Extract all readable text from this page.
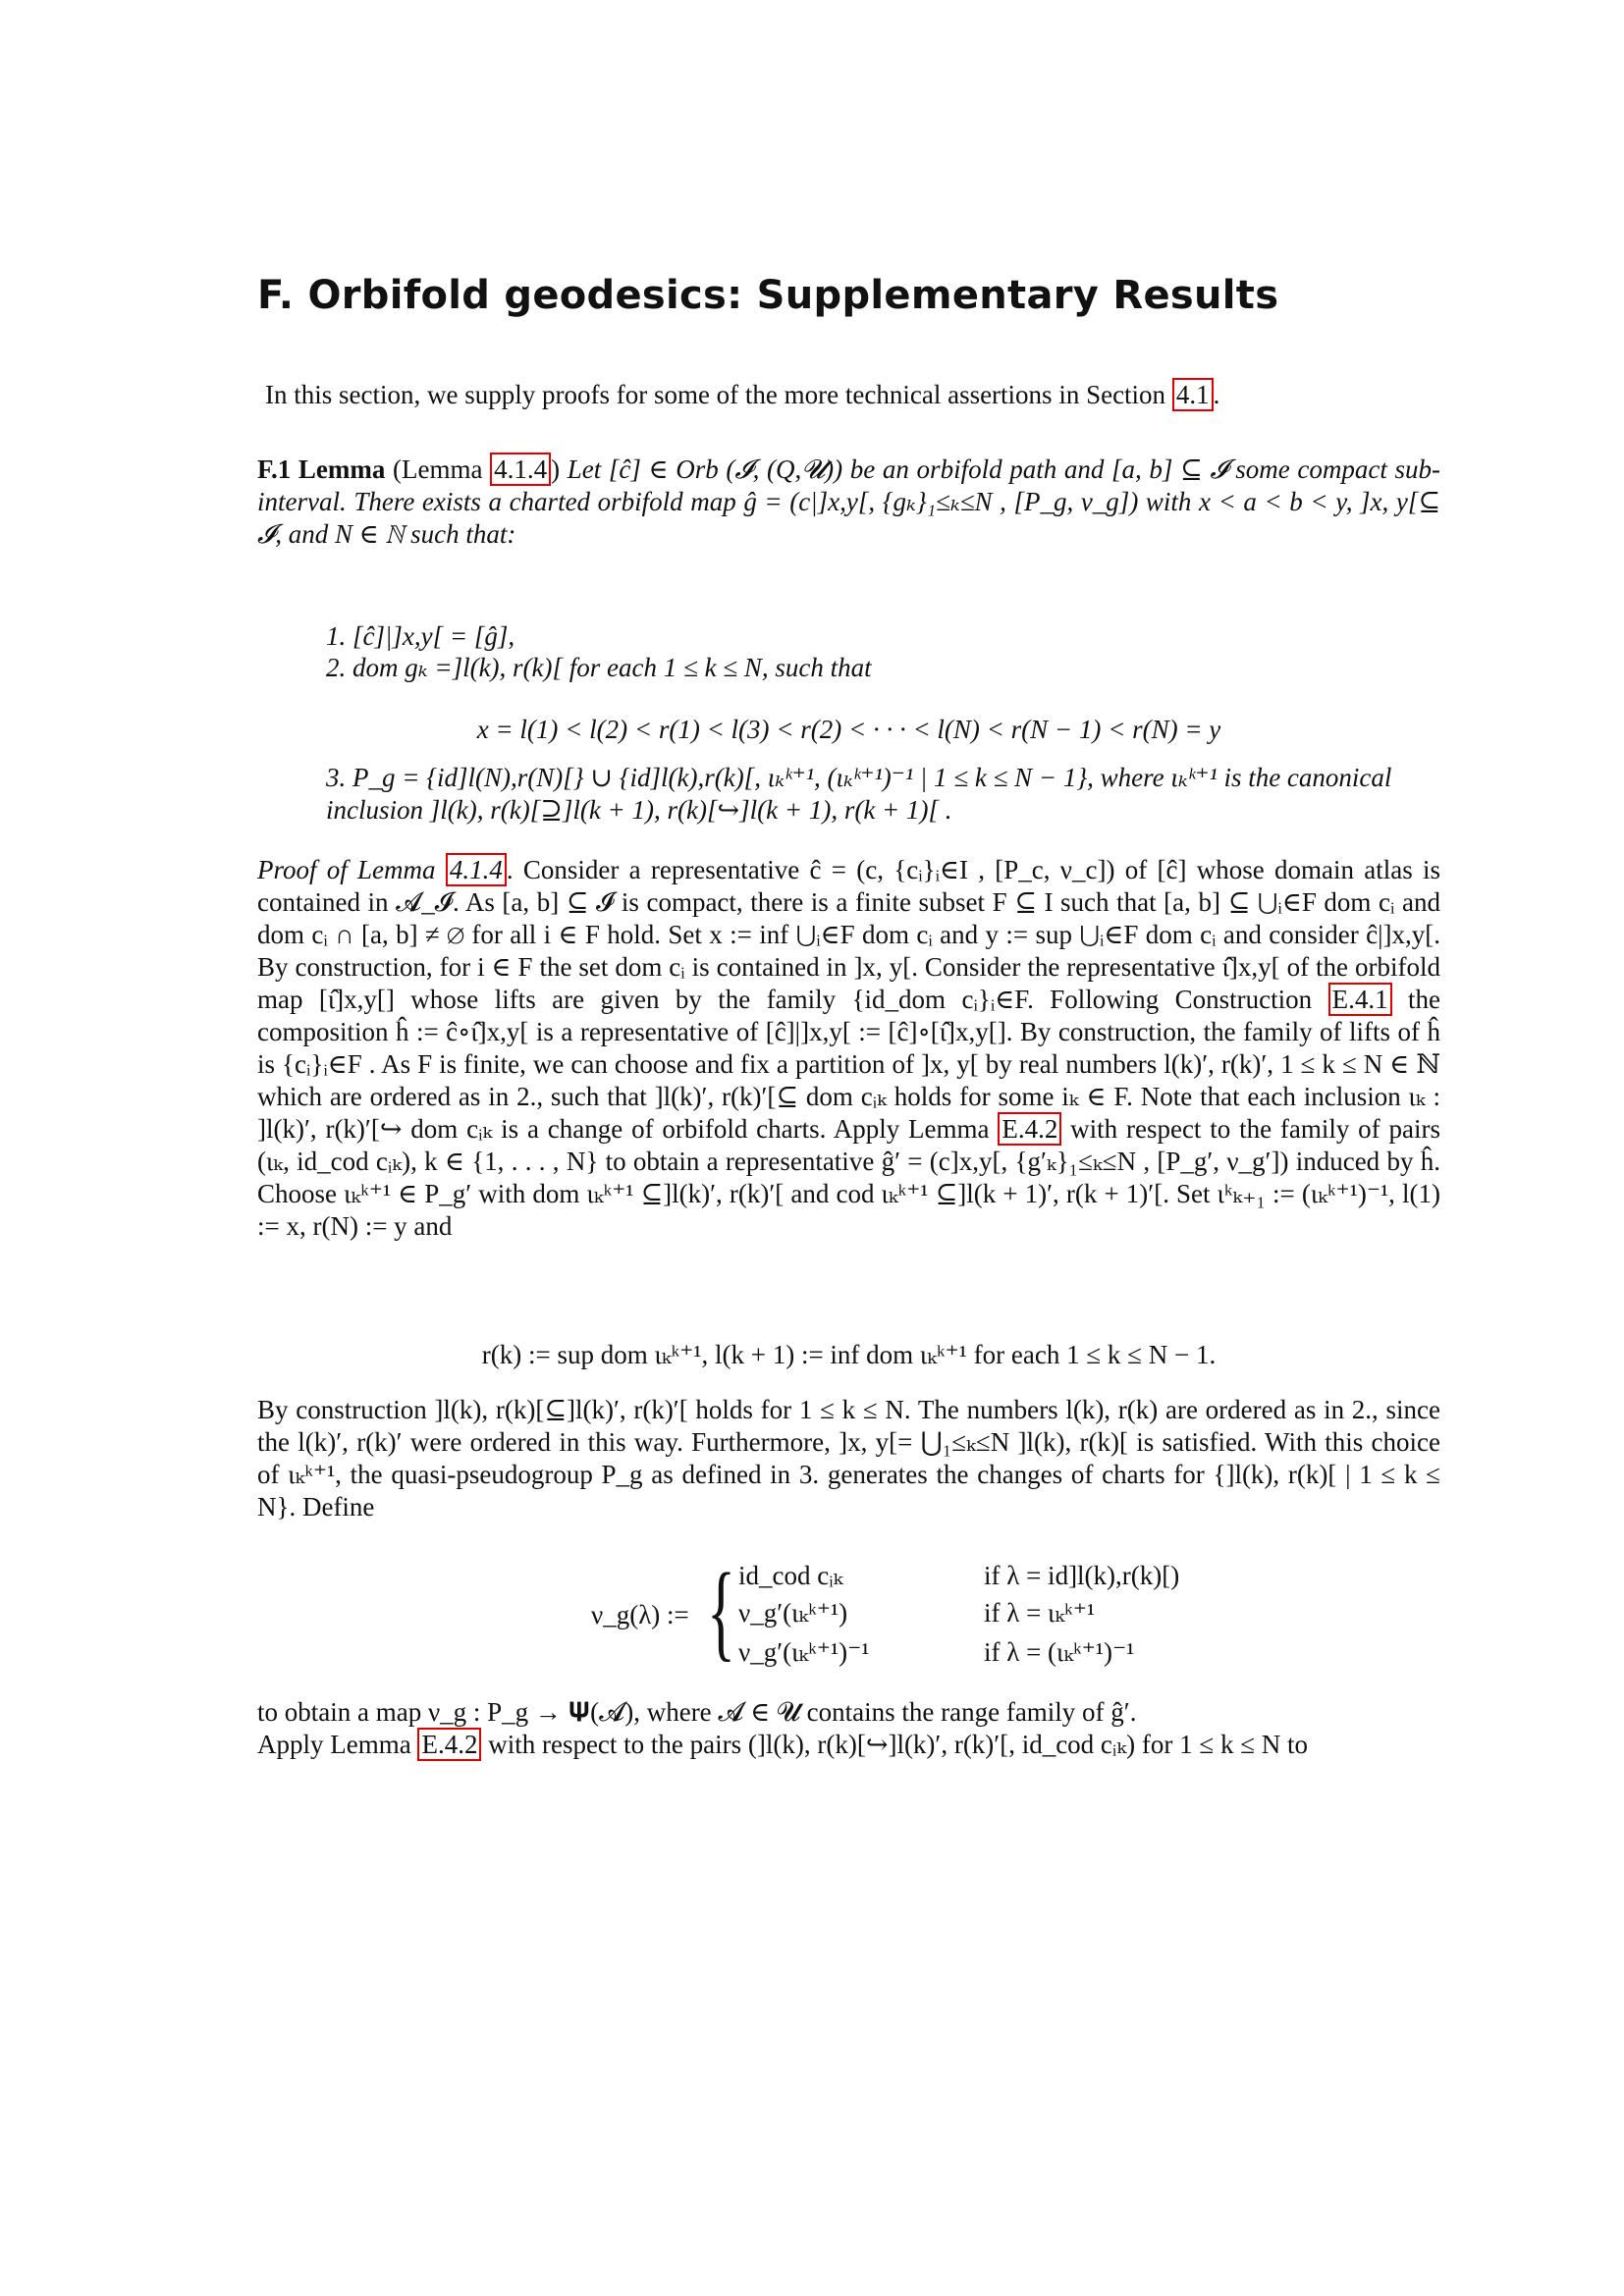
F. Orbifold geodesics: Supplementary Results
In this section, we supply proofs for some of the more technical assertions in Section 4.1 .
F.1 Lemma (Lemma 4.1.4 ) Let [ĉ] ∈ Orb (𝓘, (Q,𝓤)) be an orbifold path and [a, b] ⊆ 𝓘 some compact sub-interval. There exists a charted orbifold map ĝ = (c|]x,y[, {gₖ}₁≤ₖ≤N , [P_g, ν_g]) with x < a < b < y, ]x, y[⊆ 𝓘, and N ∈ ℕ such that:
1. [ĉ]|]x,y[ = [ĝ],
2. dom gₖ =]l(k), r(k)[ for each 1 ≤ k ≤ N, such that
x = l(1) < l(2) < r(1) < l(3) < r(2) < · · · < l(N) < r(N − 1) < r(N) = y
3. P_g = {id]l(N),r(N)[} ∪ {id]l(k),r(k)[, ιₖᵏ⁺¹, (ιₖᵏ⁺¹)⁻¹ | 1 ≤ k ≤ N − 1}, where ιₖᵏ⁺¹ is the canonical inclusion ]l(k), r(k)[⊇]l(k + 1), r(k)[↪]l(k + 1), r(k + 1)[ .
Proof of Lemma 4.1.4 . Consider a representative ĉ = (c, {cᵢ}ᵢ∈I , [P_c, ν_c]) of [ĉ] whose domain atlas is contained in 𝓐_𝓘. As [a, b] ⊆ 𝓘 is compact, there is a finite subset F ⊆ I such that [a, b] ⊆ ⋃ᵢ∈F dom cᵢ and dom cᵢ ∩ [a, b] ≠ ∅ for all i ∈ F hold. Set x := inf ⋃ᵢ∈F dom cᵢ and y := sup ⋃ᵢ∈F dom cᵢ and consider ĉ|]x,y[. By construction, for i ∈ F the set dom cᵢ is contained in ]x, y[. Consider the representative ι̂]x,y[ of the orbifold map [ι̂]x,y[] whose lifts are given by the family {id_dom cᵢ}ᵢ∈F. Following Construction E.4.1 the composition ĥ := ĉ∘ι̂]x,y[ is a representative of [ĉ]|]x,y[ := [ĉ]∘[ι̂]x,y[]. By construction, the family of lifts of ĥ is {cᵢ}ᵢ∈F . As F is finite, we can choose and fix a partition of ]x, y[ by real numbers l(k)′, r(k)′, 1 ≤ k ≤ N ∈ ℕ which are ordered as in 2., such that ]l(k)′, r(k)′[⊆ dom cᵢₖ holds for some iₖ ∈ F. Note that each inclusion ιₖ : ]l(k)′, r(k)′[↪ dom cᵢₖ is a change of orbifold charts. Apply Lemma E.4.2 with respect to the family of pairs (ιₖ, id_cod cᵢₖ), k ∈ {1, . . . , N} to obtain a representative ĝ′ = (c]x,y[, {g′ₖ}₁≤ₖ≤N , [P_g′, ν_g′]) induced by ĥ. Choose ιₖᵏ⁺¹ ∈ P_g′ with dom ιₖᵏ⁺¹ ⊆]l(k)′, r(k)′[ and cod ιₖᵏ⁺¹ ⊆]l(k + 1)′, r(k + 1)′[. Set ιᵏₖ₊₁ := (ιₖᵏ⁺¹)⁻¹, l(1) := x, r(N) := y and
r(k) := sup dom ιₖᵏ⁺¹, l(k + 1) := inf dom ιₖᵏ⁺¹ for each 1 ≤ k ≤ N − 1.
By construction ]l(k), r(k)[⊆]l(k)′, r(k)′[ holds for 1 ≤ k ≤ N. The numbers l(k), r(k) are ordered as in 2., since the l(k)′, r(k)′ were ordered in this way. Furthermore, ]x, y[= ⋃₁≤ₖ≤N ]l(k), r(k)[ is satisfied. With this choice of ιₖᵏ⁺¹, the quasi-pseudogroup P_g as defined in 3. generates the changes of charts for {]l(k), r(k)[ | 1 ≤ k ≤ N}. Define
ν_g(λ) := { id_cod cᵢₖ	if λ = id]l(k),r(k)[)
ν_g′(ιₖᵏ⁺¹)	if λ = ιₖᵏ⁺¹
ν_g′(ιₖᵏ⁺¹)⁻¹	if λ = (ιₖᵏ⁺¹)⁻¹
to obtain a map ν_g : P_g → 𝚿(𝓐), where 𝓐 ∈ 𝓤 contains the range family of ĝ′.
Apply Lemma E.4.2 with respect to the pairs (]l(k), r(k)[↪]l(k)′, r(k)′[, id_cod cᵢₖ) for 1 ≤ k ≤ N to
